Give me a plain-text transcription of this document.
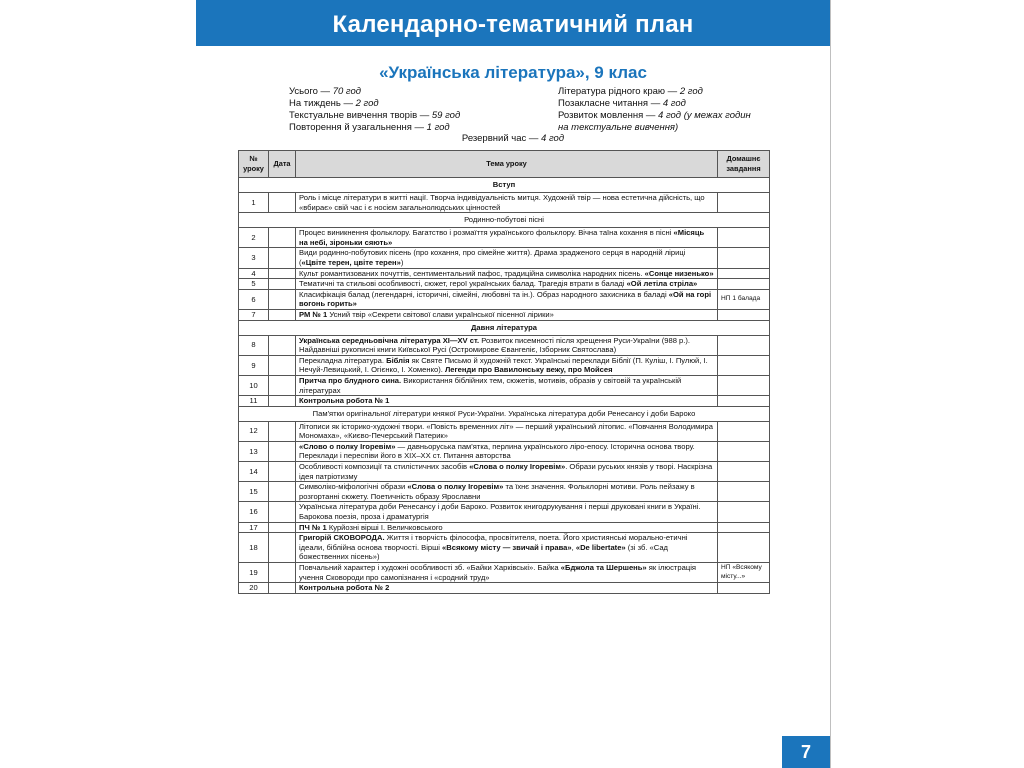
Календарно-тематичний план
«Українська література», 9 клас
Усього — 70 год
На тиждень — 2 год
Текстуальне вивчення творів — 59 год
Повторення й узагальнення — 1 год
Література рідного краю — 2 год
Позакласне читання — 4 год
Розвиток мовлення — 4 год (у межах годин
на текстуальне вивчення)
Резервний час — 4 год
№ уроку	Дата	Тема уроку	Домашнє завдання
Вступ			
1		Роль і місце літератури в житті нації. Творча індивідуальність митця. Художній твір — нова естетична дійсність, що «вбирає» свій час і є носієм загальнолюдських цінностей	
Родинно-побутові пісні			
2		Процес виникнення фольклору. Багатство і розмаїття українського фольклору. Вічна таїна кохання в пісні «Місяць на небі, зіроньки сяють»	
3		Види родинно-побутових пісень (про кохання, про сімейне життя). Драма зрадженого серця в народній ліриці («Цвіте терен, цвіте терен»)	
4		Культ романтизованих почуттів, сентиментальний пафос, традиційна символіка народних пісень. «Сонце низенько»	
5		Тематичні та стильові особливості, сюжет, герої українських балад. Трагедія втрати в баладі «Ой летіла стріла»	
6		Класифікація балад (легендарні, історичні, сімейні, любовні та ін.). Образ народного захисника в баладі «Ой на горі вогонь горить»	НП 1 балада
7		РМ № 1 Усний твір «Секрети світової слави української пісенної лірики»	
Давня література			
8		Українська середньовічна література XI—XV ст. Розвиток писемності після хрещення Руси-України (988 р.). Найдавніші рукописні книги Київської Русі (Остромирове Євангеліє, Ізборник Святослава)	
9		Перекладна література. Біблія як Святе Письмо й художній текст. Українські переклади Біблії (П. Куліш, І. Пулюй, І. Нечуй-Левицький, І. Огієнко, І. Хоменко). Легенди про Вавилонську вежу, про Мойсея	
10		Притча про блудного сина. Використання біблійних тем, сюжетів, мотивів, образів у світовій та українській літературах	
11		Контрольна робота № 1	
Пам'ятки оригінальної літератури княжої Руси-України. Українська література доби Ренесансу і доби Бароко			
12		Літописи як історико-художні твори. «Повість временних літ» — перший український літопис. «Повчання Володимира Мономаха», «Києво-Печерський Патерик»	
13		«Слово о полку Ігоревім» — давньоруська пам'ятка, перлина українського ліро-епосу. Історична основа твору. Переклади і переспіви його в ХІХ–ХХ ст. Питання авторства	
14		Особливості композиції та стилістичних засобів «Слова о полку Ігоревім». Образи руських князів у творі. Наскрізна ідея патріотизму	
15		Символіко-міфологічні образи «Слова о полку Ігоревім» та їхнє значення. Фольклорні мотиви. Роль пейзажу в розгортанні сюжету. Поетичність образу Ярославни	
16		Українська література доби Ренесансу і доби Бароко. Розвиток книгодрукування і перші друковані книги в Україні. Барокова поезія, проза і драматургія	
17		ПЧ № 1 Курйозні вірші І. Величковського	
18		Григорій СКОВОРОДА. Життя і творчість філософа, просвітителя, поета. Його християнські морально-етичні ідеали, біблійна основа творчості. Вірші «Всякому місту — звичай і права», «De libertate» (зі зб. «Сад божественних пісень»)	
19		Повчальний характер і художні особливості зб. «Байки Харківські». Байка «Бджола та Шершень» як ілюстрація учення Сковороди про самопізнання і «сродний труд»	НП «Всякому місту...»
20		Контрольна робота № 2	
7
